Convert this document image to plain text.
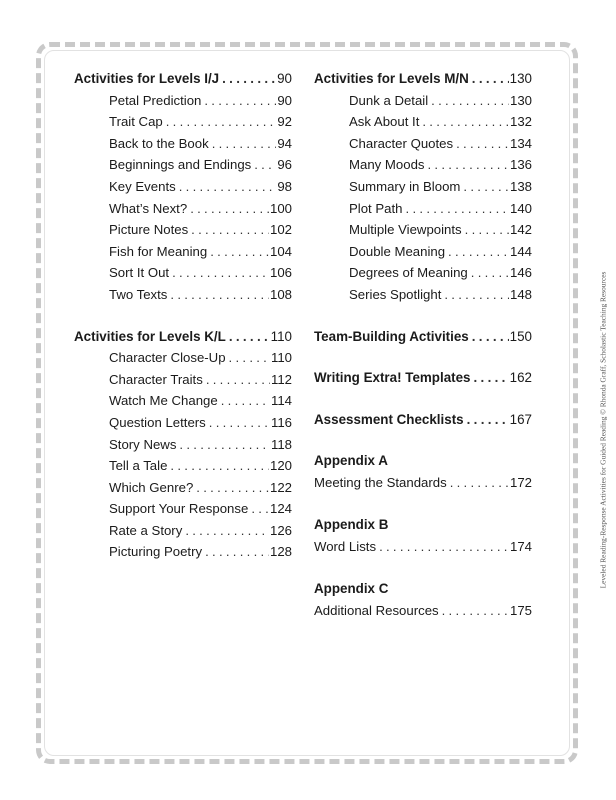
Activities for Levels I/J . . .	90
Petal Prediction . . .	90
Trait Cap . . .	92
Back to the Book . . .	94
Beginnings and Endings . . . 96
Key Events . . .	98
What’s Next? . . .	100
Picture Notes . . .	102
Fish for Meaning . . .	104
Sort It Out . . .	106
Two Texts . . .	108
Activities for Levels K/L . . .	110
Character Close-Up . . .	110
Character Traits . . .	112
Watch Me Change . . .	114
Question Letters . . .	116
Story News . . .	118
Tell a Tale . . .	120
Which Genre? . . .	122
Support Your Response . . . 124
Rate a Story . . .	126
Picturing Poetry . . .	128
Activities for Levels M/N . . .	130
Dunk a Detail . . .	130
Ask About It . . .	132
Character Quotes . . .	134
Many Moods . . .	136
Summary in Bloom . . .	138
Plot Path . . .	140
Multiple Viewpoints . . .	142
Double Meaning . . .	144
Degrees of Meaning . . .	146
Series Spotlight . . .	148
Team-Building Activities . . .	150
Writing Extra! Templates . . .	162
Assessment Checklists . . .	167
Appendix A
Meeting the Standards . . .	172
Appendix B
Word Lists . . .	174
Appendix C
Additional Resources . . .	175
Leveled Reading-Response Activities for Guided Reading © Rhonda Graff, Scholastic Teaching Resources
